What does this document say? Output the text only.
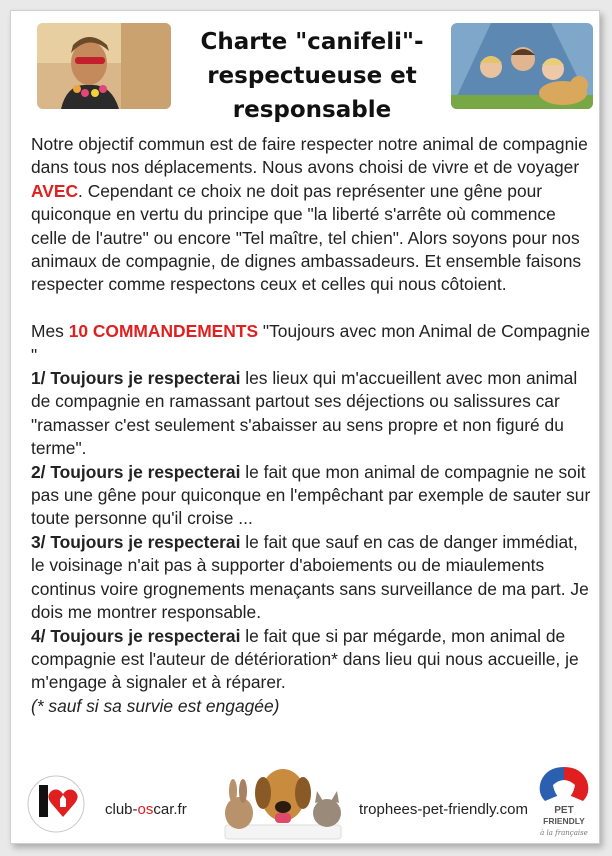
Charte "canifeli"-
respectueuse et
responsable

Notre objectif commun est de faire respecter notre animal de compagnie dans tous nos déplacements. Nous avons choisi de vivre et de voyager AVEC. Cependant ce choix ne doit pas représenter une gêne pour quiconque en vertu du principe que "la liberté s'arrête où commence celle de l'autre" ou encore "Tel maître, tel chien". Alors soyons pour nos animaux de compagnie, de dignes ambassadeurs. Et ensemble faisons respecter comme respectons ceux et celles qui nous côtoient.

Mes 10 COMMANDEMENTS "Toujours avec mon Animal de Compagnie "

1/ Toujours je respecterai les lieux qui m'accueillent avec mon animal de compagnie en ramassant partout ses déjections ou salissures car "ramasser c'est seulement s'abaisser au sens propre et non figuré du terme".

2/ Toujours je respecterai le fait que mon animal de compagnie ne soit pas une gêne pour quiconque en l'empêchant par exemple de sauter sur toute personne qu'il croise ...

3/ Toujours je respecterai le fait que sauf en cas de danger immédiat, le voisinage n'ait pas à supporter d'aboiements ou de miaulements continus voire grognements menaçants sans surveillance de ma part. Je dois me montrer responsable.

4/ Toujours je respecterai le fait que si par mégarde, mon animal de compagnie est l'auteur de détérioration* dans lieu qui nous accueille, je m'engage à signaler et à réparer.

(* sauf si sa survie est engagée)

club-oscar.fr	trophees-pet-friendly.com	PET
FRIENDLY
à la française
